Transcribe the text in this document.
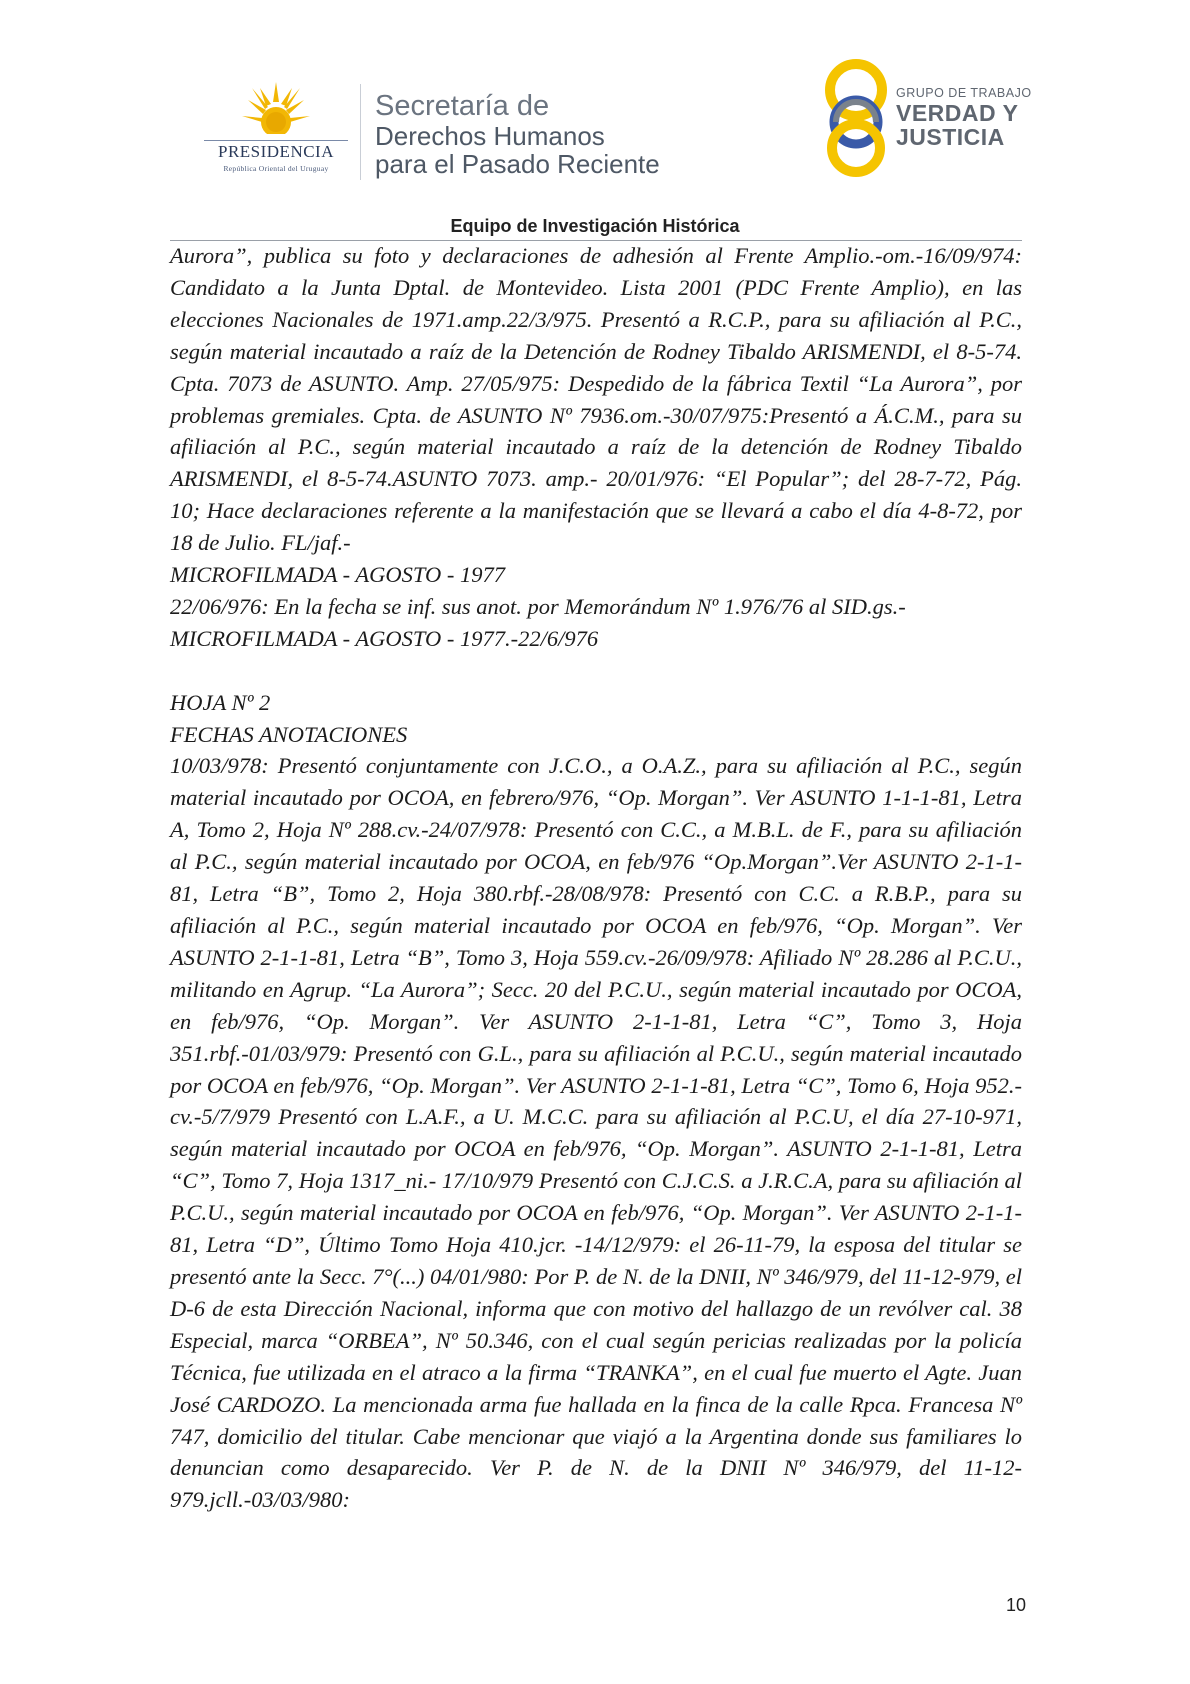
PRESIDENCIA
República Oriental del Uruguay
Secretaría de
Derechos Humanos
para el Pasado Reciente
GRUPO DE TRABAJO
VERDAD Y
JUSTICIA
Equipo de Investigación Histórica

Aurora”, publica su foto y declaraciones de adhesión al Frente Amplio.-om.-16/09/974: Candidato a la Junta Dptal. de Montevideo. Lista 2001 (PDC Frente Amplio), en las elecciones Nacionales de 1971.amp.22/3/975. Presentó a R.C.P., para su afiliación al P.C., según material incautado a raíz de la Detención de Rodney Tibaldo ARISMENDI, el 8-5-74. Cpta. 7073 de ASUNTO. Amp. 27/05/975: Despedido de la fábrica Textil “La Aurora”, por problemas gremiales. Cpta. de ASUNTO Nº 7936.om.-30/07/975:Presentó a Á.C.M., para su afiliación al P.C., según material incautado a raíz de la detención de Rodney Tibaldo ARISMENDI, el 8-5-74.ASUNTO 7073. amp.- 20/01/976: “El Popular”; del 28-7-72, Pág. 10; Hace declaraciones referente a la manifestación que se llevará a cabo el día 4-8-72, por 18 de Julio. FL/jaf.-

MICROFILMADA - AGOSTO - 1977

22/06/976: En la fecha se inf. sus anot. por Memorándum Nº 1.976/76 al SID.gs.-

MICROFILMADA - AGOSTO - 1977.-22/6/976

HOJA Nº 2

FECHAS ANOTACIONES

10/03/978: Presentó conjuntamente con J.C.O., a O.A.Z., para su afiliación al P.C., según material incautado por OCOA, en febrero/976, “Op. Morgan”. Ver ASUNTO 1-1-1-81, Letra A, Tomo 2, Hoja Nº 288.cv.-24/07/978: Presentó con C.C., a M.B.L. de F., para su afiliación al P.C., según material incautado por OCOA, en feb/976 “Op.Morgan”.Ver ASUNTO 2-1-1-81, Letra “B”, Tomo 2, Hoja 380.rbf.-28/08/978: Presentó con C.C. a R.B.P., para su afiliación al P.C., según material incautado por OCOA en feb/976, “Op. Morgan”. Ver ASUNTO 2-1-1-81, Letra “B”, Tomo 3, Hoja 559.cv.-26/09/978: Afiliado Nº 28.286 al P.C.U., militando en Agrup. “La Aurora”; Secc. 20 del P.C.U., según material incautado por OCOA, en feb/976, “Op. Morgan”. Ver ASUNTO 2-1-1-81, Letra “C”, Tomo 3, Hoja 351.rbf.-01/03/979: Presentó con G.L., para su afiliación al P.C.U., según material incautado por OCOA en feb/976, “Op. Morgan”. Ver ASUNTO 2-1-1-81, Letra “C”, Tomo 6, Hoja 952.-cv.-5/7/979 Presentó con L.A.F., a U. M.C.C. para su afiliación al P.C.U, el día 27-10-971, según material incautado por OCOA en feb/976, “Op. Morgan”. ASUNTO 2-1-1-81, Letra “C”, Tomo 7, Hoja 1317_ni.- 17/10/979 Presentó con C.J.C.S. a J.R.C.A, para su afiliación al P.C.U., según material incautado por OCOA en feb/976, “Op. Morgan”. Ver ASUNTO 2-1-1-81, Letra “D”, Último Tomo Hoja 410.jcr. -14/12/979: el 26-11-79, la esposa del titular se presentó ante la Secc. 7°(...) 04/01/980: Por P. de N. de la DNII, Nº 346/979, del 11-12-979, el D-6 de esta Dirección Nacional, informa que con motivo del hallazgo de un revólver cal. 38 Especial, marca “ORBEA”, Nº 50.346, con el cual según pericias realizadas por la policía Técnica, fue utilizada en el atraco a la firma “TRANKA”, en el cual fue muerto el Agte. Juan José CARDOZO. La mencionada arma fue hallada en la finca de la calle Rpca. Francesa Nº 747, domicilio del titular. Cabe mencionar que viajó a la Argentina donde sus familiares lo denuncian como desaparecido. Ver P. de N. de la DNII Nº 346/979, del 11-12-979.jcll.-03/03/980:

10
